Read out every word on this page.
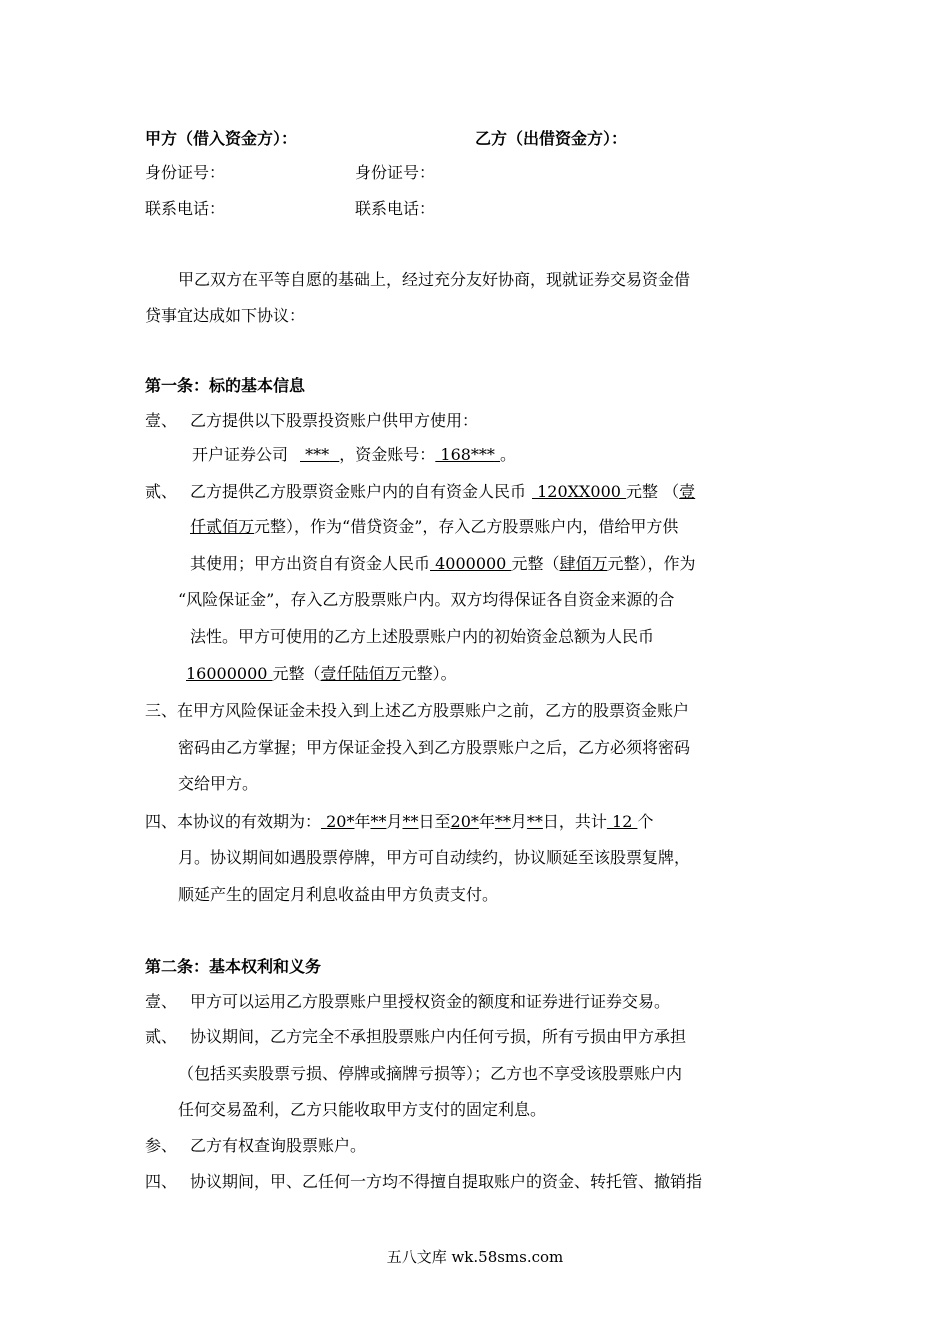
甲方（借入资金方）：	乙方（出借资金方）：
身份证号：	身份证号：
联系电话：	联系电话：
甲乙双方在平等自愿的基础上，经过充分友好协商，现就证券交易资金借
贷事宜达成如下协议：
第一条：标的基本信息
壹、 乙方提供以下股票投资账户供甲方使用：
开户证券公司 *** ，资金账号： 168*** 。
贰、 乙方提供乙方股票资金账户内的自有资金人民币 120XX000 元整 （壹
仟贰佰万元整），作为“借贷资金”，存入乙方股票账户内，借给甲方供
其使用；甲方出资自有资金人民币 4000000 元整（肆佰万元整），作为
“风险保证金”，存入乙方股票账户内。双方均得保证各自资金来源的合
法性。甲方可使用的乙方上述股票账户内的初始资金总额为人民币
16000000 元整（壹仟陆佰万元整）。
三、在甲方风险保证金未投入到上述乙方股票账户之前，乙方的股票资金账户
密码由乙方掌握；甲方保证金投入到乙方股票账户之后，乙方必须将密码
交给甲方。
四、本协议的有效期为： 20*年**月**日至20*年**月**日，共计 12 个
月。协议期间如遇股票停牌，甲方可自动续约，协议顺延至该股票复牌，
顺延产生的固定月利息收益由甲方负责支付。
第二条：基本权利和义务
壹、 甲方可以运用乙方股票账户里授权资金的额度和证券进行证券交易。
贰、 协议期间，乙方完全不承担股票账户内任何亏损，所有亏损由甲方承担
（包括买卖股票亏损、停牌或摘牌亏损等）；乙方也不享受该股票账户内
任何交易盈利，乙方只能收取甲方支付的固定利息。
参、 乙方有权查询股票账户。
四、 协议期间，甲、乙任何一方均不得擅自提取账户的资金、转托管、撤销指
五八文库 wk.58sms.com
